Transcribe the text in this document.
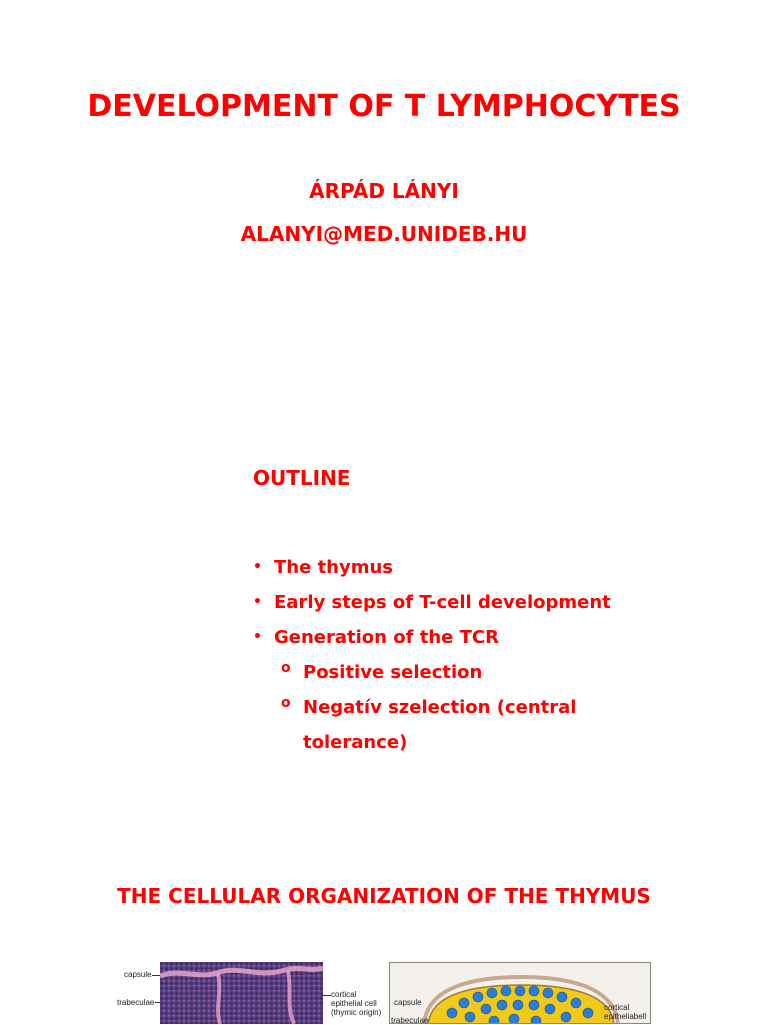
DEVELOPMENT OF T LYMPHOCYTES
ÁRPÁD LÁNYI
ALANYI@MED.UNIDEB.HU
OUTLINE
• The thymus
• Early steps of T-cell development
• Generation of the TCR
o Positive selection
o Negatív szelection (central tolerance)
THE CELLULAR ORGANIZATION OF THE THYMUS
capsule
trabeculae
cortical
epithelial cell
(thymic origin)
capsule
trabeculae
cortical
epitheliabell
